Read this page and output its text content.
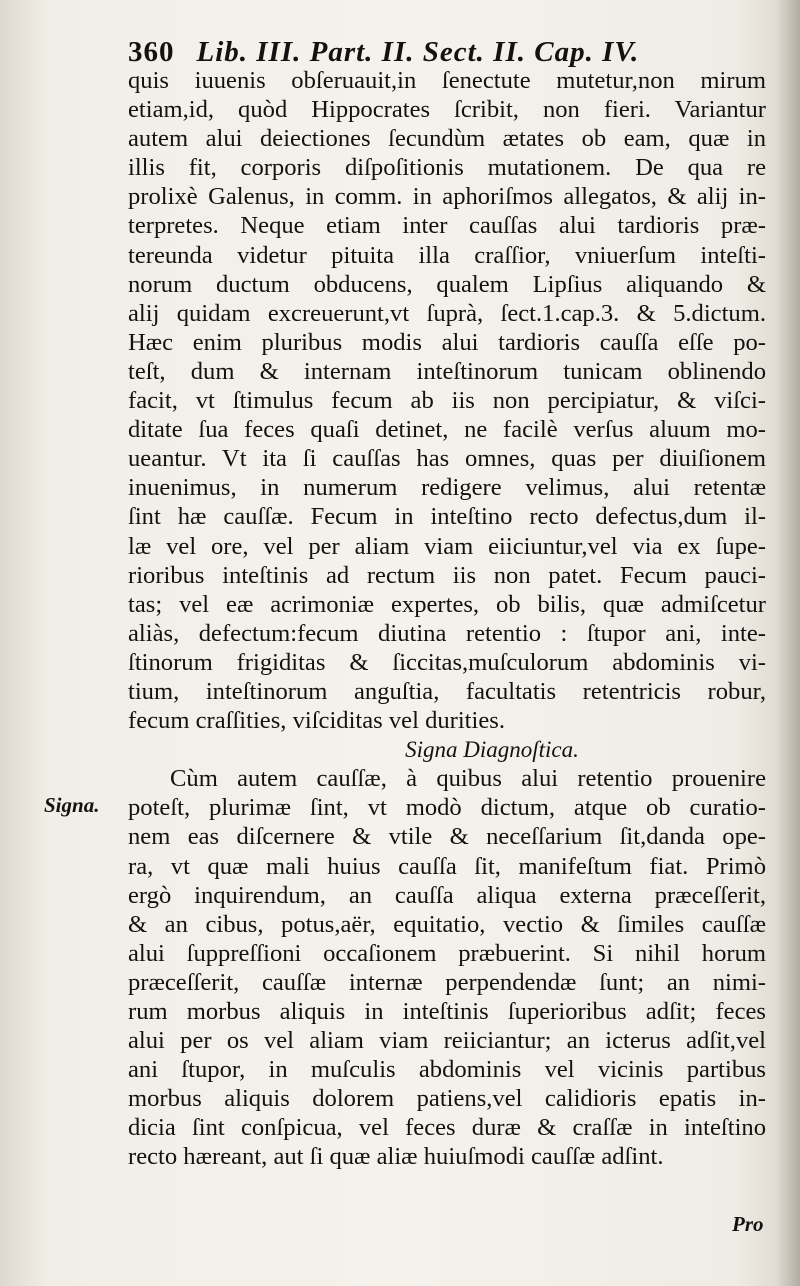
360 Lib. III. Part. II. Sect. II. Cap. IV.
Signa.
quis iuuenis obſeruauit,in ſenectute mutetur,non mirum
etiam,id, quòd Hippocrates ſcribit, non fieri. Variantur
autem alui deiectiones ſecundùm ætates ob eam, quæ in
illis fit, corporis diſpoſitionis mutationem. De qua re
prolixè Galenus, in comm. in aphoriſmos allegatos, & alij in-
terpretes. Neque etiam inter cauſſas alui tardioris præ-
tereunda videtur pituita illa craſſior, vniuerſum inteſti-
norum ductum obducens, qualem Lipſius aliquando &
alij quidam excreuerunt,vt ſuprà, ſect.1.cap.3. & 5.dictum.
Hæc enim pluribus modis alui tardioris cauſſa eſſe po-
teſt, dum & internam inteſtinorum tunicam oblinendo
facit, vt ſtimulus fecum ab iis non percipiatur, & viſci-
ditate ſua feces quaſi detinet, ne facilè verſus aluum mo-
ueantur. Vt ita ſi cauſſas has omnes, quas per diuiſionem
inuenimus, in numerum redigere velimus, alui retentæ
ſint hæ cauſſæ. Fecum in inteſtino recto defectus,dum il-
læ vel ore, vel per aliam viam eiiciuntur,vel via ex ſupe-
rioribus inteſtinis ad rectum iis non patet. Fecum pauci-
tas; vel eæ acrimoniæ expertes, ob bilis, quæ admiſcetur
aliàs, defectum:fecum diutina retentio : ſtupor ani, inte-
ſtinorum frigiditas & ſiccitas,muſculorum abdominis vi-
tium, inteſtinorum anguſtia, facultatis retentricis robur,
fecum craſſities, viſciditas vel durities.
Signa Diagnoſtica.
Cùm autem cauſſæ, à quibus alui retentio prouenire
poteſt, plurimæ ſint, vt modò dictum, atque ob curatio-
nem eas diſcernere & vtile & neceſſarium ſit,danda ope-
ra, vt quæ mali huius cauſſa ſit, manifeſtum fiat. Primò
ergò inquirendum, an cauſſa aliqua externa præceſſerit,
& an cibus, potus,aër, equitatio, vectio & ſimiles cauſſæ
alui ſuppreſſioni occaſionem præbuerint. Si nihil horum
præceſſerit, cauſſæ internæ perpendendæ ſunt; an nimi-
rum morbus aliquis in inteſtinis ſuperioribus adſit; feces
alui per os vel aliam viam reiiciantur; an icterus adſit,vel
ani ſtupor, in muſculis abdominis vel vicinis partibus
morbus aliquis dolorem patiens,vel calidioris epatis in-
dicia ſint conſpicua, vel feces duræ & craſſæ in inteſtino
recto hæreant, aut ſi quæ aliæ huiuſmodi cauſſæ adſint.
Pro
